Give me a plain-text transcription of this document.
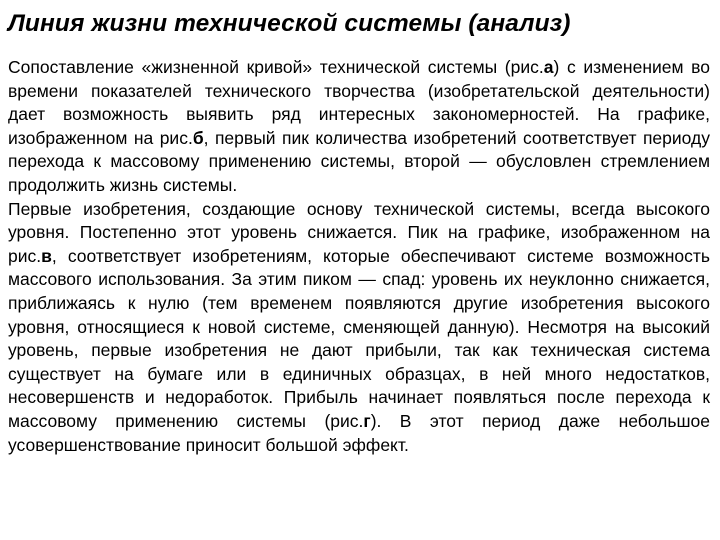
Линия жизни технической системы (анализ)

Сопоставление «жизненной кривой» технической системы (рис.а) с изменением во времени показателей технического творчества (изобретательской деятельности) дает возможность выявить ряд интересных закономерностей. На графике, изображенном на рис.б, первый пик количества изобретений соответствует периоду перехода к массовому применению системы, второй — обусловлен стремлением продолжить жизнь системы.

Первые изобретения, создающие основу технической системы, всегда высокого уровня. Постепенно этот уровень снижается. Пик на графике, изображенном на рис.в, соответствует изобретениям, которые обеспечивают системе возможность массового использования. За этим пиком — спад: уровень их неуклонно снижается, приближаясь к нулю (тем временем появляются другие изобретения высокого уровня, относящиеся к новой системе, сменяющей данную). Несмотря на высокий уровень, первые изобретения не дают прибыли, так как техническая система существует на бумаге или в единичных образцах, в ней много недостатков, несовершенств и недоработок. Прибыль начинает появляться после перехода к массовому применению системы (рис.г). В этот период даже небольшое усовершенствование приносит большой эффект.
